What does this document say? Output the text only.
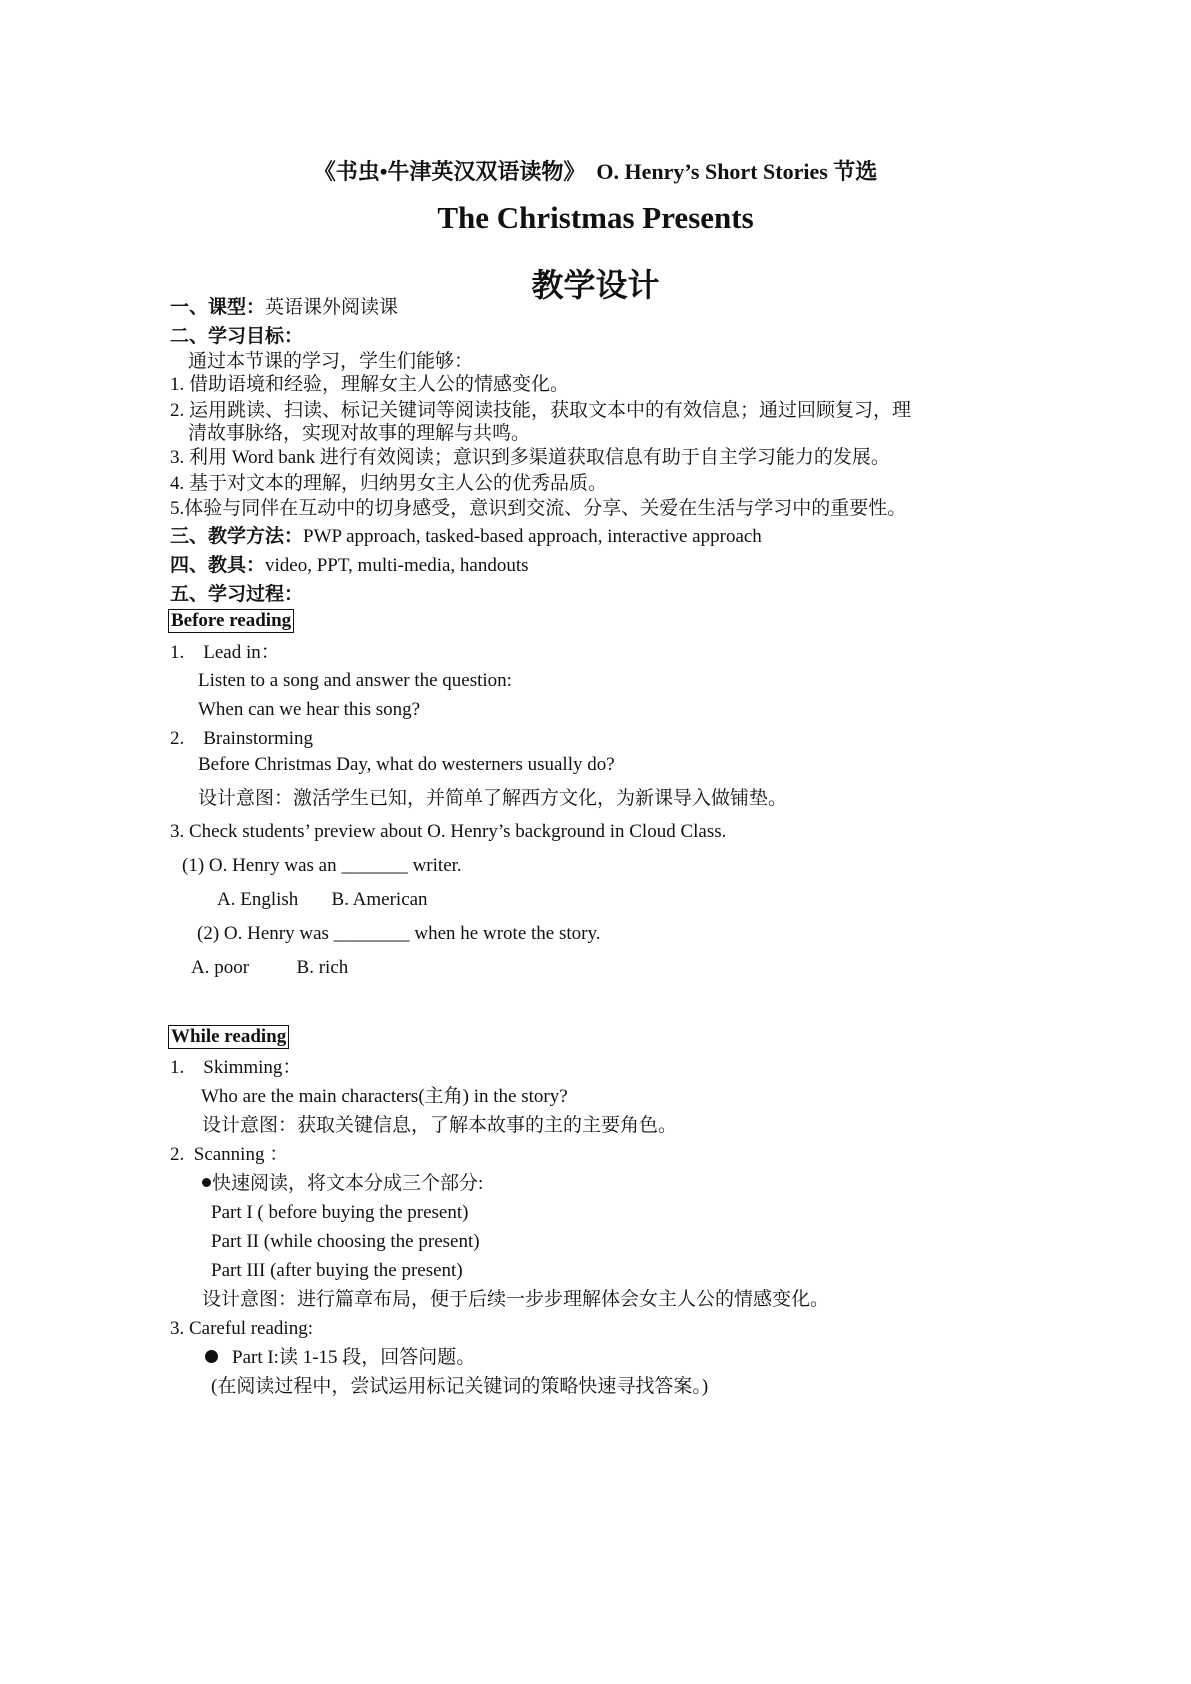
《书虫•牛津英汉双语读物》  O. Henry’s Short Stories 节选
The Christmas Presents
教学设计
一、课型：英语课外阅读课
二、学习目标：
通过本节课的学习，学生们能够：
1. 借助语境和经验，理解女主人公的情感变化。
2. 运用跳读、扫读、标记关键词等阅读技能，获取文本中的有效信息；通过回顾复习，理
清故事脉络，实现对故事的理解与共鸣。
3. 利用 Word bank 进行有效阅读；意识到多渠道获取信息有助于自主学习能力的发展。
4. 基于对文本的理解，归纳男女主人公的优秀品质。
5.体验与同伴在互动中的切身感受，意识到交流、分享、关爱在生活与学习中的重要性。
三、教学方法：PWP approach, tasked-based approach, interactive approach
四、教具：video, PPT, multi-media, handouts
五、学习过程：
Before reading
1.    Lead in：
Listen to a song and answer the question:
When can we hear this song?
2.    Brainstorming
Before Christmas Day, what do westerners usually do?
设计意图：激活学生已知，并简单了解西方文化，为新课导入做铺垫。
3. Check students’ preview about O. Henry’s background in Cloud Class.
(1) O. Henry was an _______ writer.
A. English       B. American
(2) O. Henry was ________ when he wrote the story.
A. poor          B. rich
While reading
1.    Skimming：
Who are the main characters(主角) in the story?
设计意图：获取关键信息，了解本故事的主的主要角色。
2.  Scanning ：
快速阅读，将文本分成三个部分:
Part I ( before buying the present)
Part II (while choosing the present)
Part III (after buying the present)
设计意图：进行篇章布局，便于后续一步步理解体会女主人公的情感变化。
3. Careful reading:
Part I:读 1-15 段，回答问题。
(在阅读过程中，尝试运用标记关键词的策略快速寻找答案。)
